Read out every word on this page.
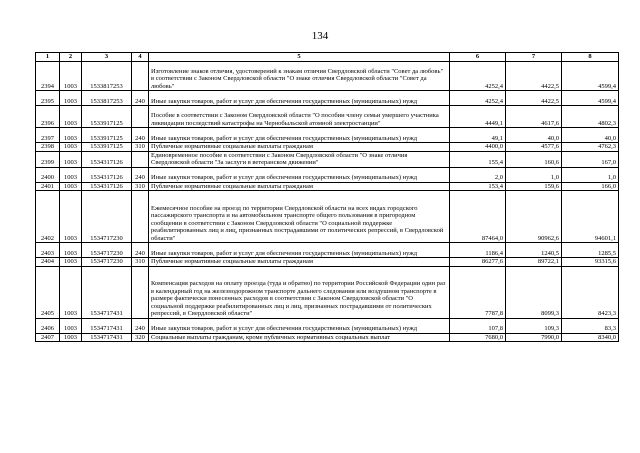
134
1	2	3	4	5	6	7	8
2394	1003	1533817253		Изготовление знаков отличия, удостоверений к знакам отличия Свердловской области "Совет да любовь" в соответствии с Законом Свердловской области "О знаке отличия Свердловской области "Совет да любовь"	4252,4	4422,5	4599,4
2395	1003	1533817253	240	Иные закупки товаров, работ и услуг для обеспечения государственных (муниципальных) нужд	4252,4	4422,5	4599,4
2396	1003	1533917125		Пособие в соответствии с Законом Свердловской области "О пособии члену семьи умершего участника ликвидации последствий катастрофы на Чернобыльской атомной электростанции"	4449,1	4617,6	4802,3
2397	1003	1533917125	240	Иные закупки товаров, работ и услуг для обеспечения государственных (муниципальных) нужд	49,1	40,0	40,0
2398	1003	1533917125	310	Публичные нормативные социальные выплаты гражданам	4400,0	4577,6	4762,3
2399	1003	1534317126		Единовременное пособие в соответствии с Законом Свердловской области "О знаке отличия Свердловской области "За заслуги в ветеранском движении"	155,4	160,6	167,0
2400	1003	1534317126	240	Иные закупки товаров, работ и услуг для обеспечения государственных (муниципальных) нужд	2,0	1,0	1,0
2401	1003	1534317126	310	Публичные нормативные социальные выплаты гражданам	153,4	159,6	166,0
2402	1003	1534717230		Ежемесячное пособие на проезд по территории Свердловской области на всех видах городского пассажирского транспорта и на автомобильном транспорте общего пользования в пригородном сообщении в соответствии с Законом Свердловской области "О социальной поддержке реабилитированных лиц и лиц, признанных пострадавшими от политических репрессий, в Свердловской области"	87464,0	90962,6	94601,1
2403	1003	1534717230	240	Иные закупки товаров, работ и услуг для обеспечения государственных (муниципальных) нужд	1186,4	1240,5	1285,5
2404	1003	1534717230	310	Публичные нормативные социальные выплаты гражданам	86277,6	89722,1	93315,6
2405	1003	1534717431		Компенсация расходов на оплату проезда (туда и обратно) по территории Российской Федерации один раз в календарный год на железнодорожном транспорте дальнего следования или воздушном транспорте в размере фактически понесенных расходов в соответствии с Законом Свердловской области "О социальной поддержке реабилитированных лиц и лиц, признанных пострадавшими от политических репрессий, в Свердловской области"	7787,8	8099,3	8423,3
2406	1003	1534717431	240	Иные закупки товаров, работ и услуг для обеспечения государственных (муниципальных) нужд	107,8	109,3	83,3
2407	1003	1534717431	320	Социальные выплаты гражданам, кроме публичных нормативных социальных выплат	7680,0	7990,0	8340,0
